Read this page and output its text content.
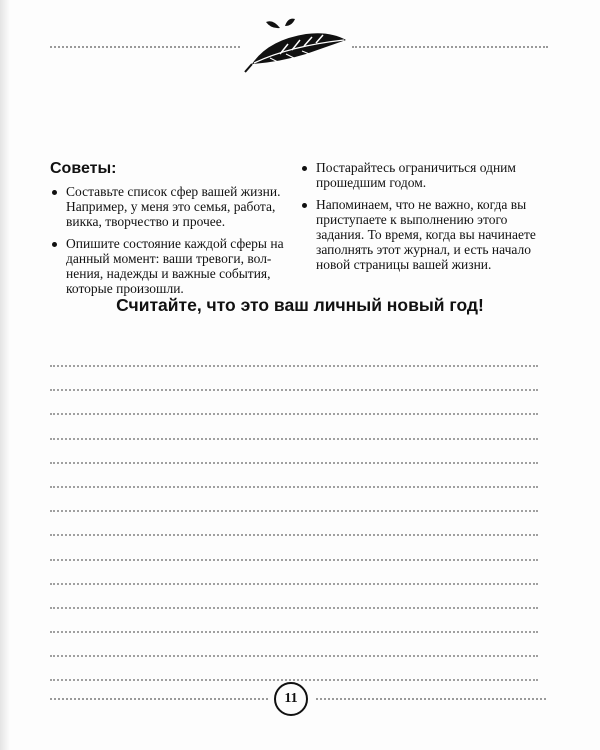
Советы:
Составьте список сфер вашей жизни. Например, у меня это семья, работа, викка, творчество и прочее.
Опишите состояние каждой сферы на данный момент: ваши тревоги, вол-нения, надежды и важные события, которые произошли.
Постарайтесь ограничиться одним прошедшим годом.
Напоминаем, что не важно, когда вы приступаете к выполнению этого задания. То время, когда вы начинаете заполнять этот журнал, и есть начало новой страницы вашей жизни.
Считайте, что это ваш личный новый год!
11
